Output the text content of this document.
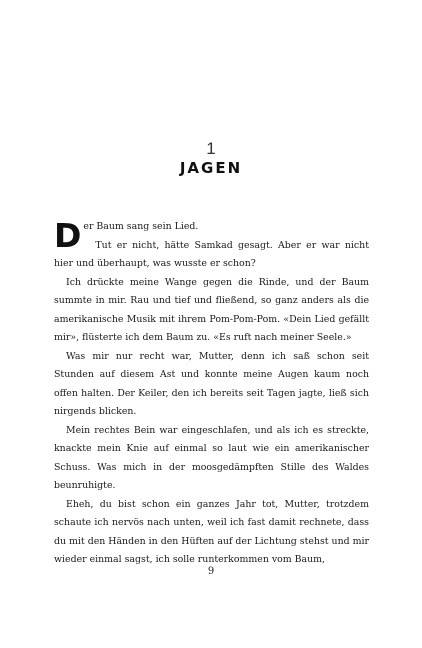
1
JAGEN

Der Baum sang sein Lied.

Tut er nicht, hätte Samkad gesagt. Aber er war nicht hier und überhaupt, was wusste er schon?

Ich drückte meine Wange gegen die Rinde, und der Baum summte in mir. Rau und tief und fließend, so ganz anders als die amerikanische Musik mit ihrem Pom-Pom-Pom. «Dein Lied gefällt mir», flüsterte ich dem Baum zu. «Es ruft nach meiner Seele.»

Was mir nur recht war, Mutter, denn ich saß schon seit Stunden auf diesem Ast und konnte meine Augen kaum noch offen halten. Der Keiler, den ich bereits seit Tagen jagte, ließ sich nirgends blicken.

Mein rechtes Bein war eingeschlafen, und als ich es streckte, knackte mein Knie auf einmal so laut wie ein amerikanischer Schuss. Was mich in der moosgedämpften Stille des Waldes beunruhigte.

Eheh, du bist schon ein ganzes Jahr tot, Mutter, trotzdem schaute ich nervös nach unten, weil ich fast damit rechnete, dass du mit den Händen in den Hüften auf der Lichtung stehst und mir wieder einmal sagst, ich solle runterkommen vom Baum,

9
